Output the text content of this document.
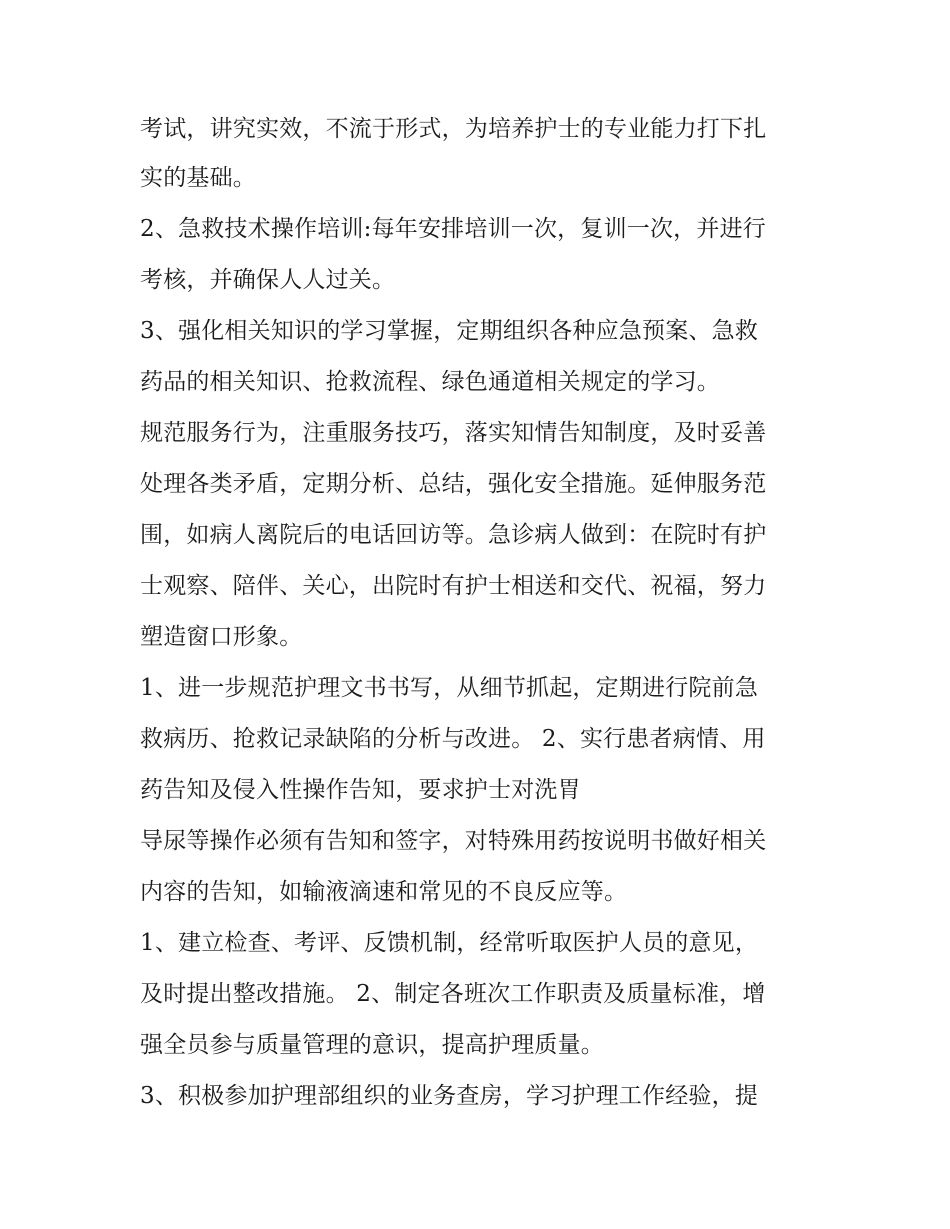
考试，讲究实效，不流于形式，为培养护士的专业能力打下扎
实的基础。
2、急救技术操作培训:每年安排培训一次，复训一次，并进行
考核，并确保人人过关。
3、强化相关知识的学习掌握，定期组织各种应急预案、急救
药品的相关知识、抢救流程、绿色通道相关规定的学习。
规范服务行为，注重服务技巧，落实知情告知制度，及时妥善
处理各类矛盾，定期分析、总结，强化安全措施。延伸服务范
围，如病人离院后的电话回访等。急诊病人做到：在院时有护
士观察、陪伴、关心，出院时有护士相送和交代、祝福，努力
塑造窗口形象。
1、进一步规范护理文书书写，从细节抓起，定期进行院前急
救病历、抢救记录缺陷的分析与改进。 2、实行患者病情、用
药告知及侵入性操作告知，要求护士对洗胃
导尿等操作必须有告知和签字，对特殊用药按说明书做好相关
内容的告知，如输液滴速和常见的不良反应等。
1、建立检查、考评、反馈机制，经常听取医护人员的意见，
及时提出整改措施。 2、制定各班次工作职责及质量标准，增
强全员参与质量管理的意识，提高护理质量。
3、积极参加护理部组织的业务查房，学习护理工作经验，提
